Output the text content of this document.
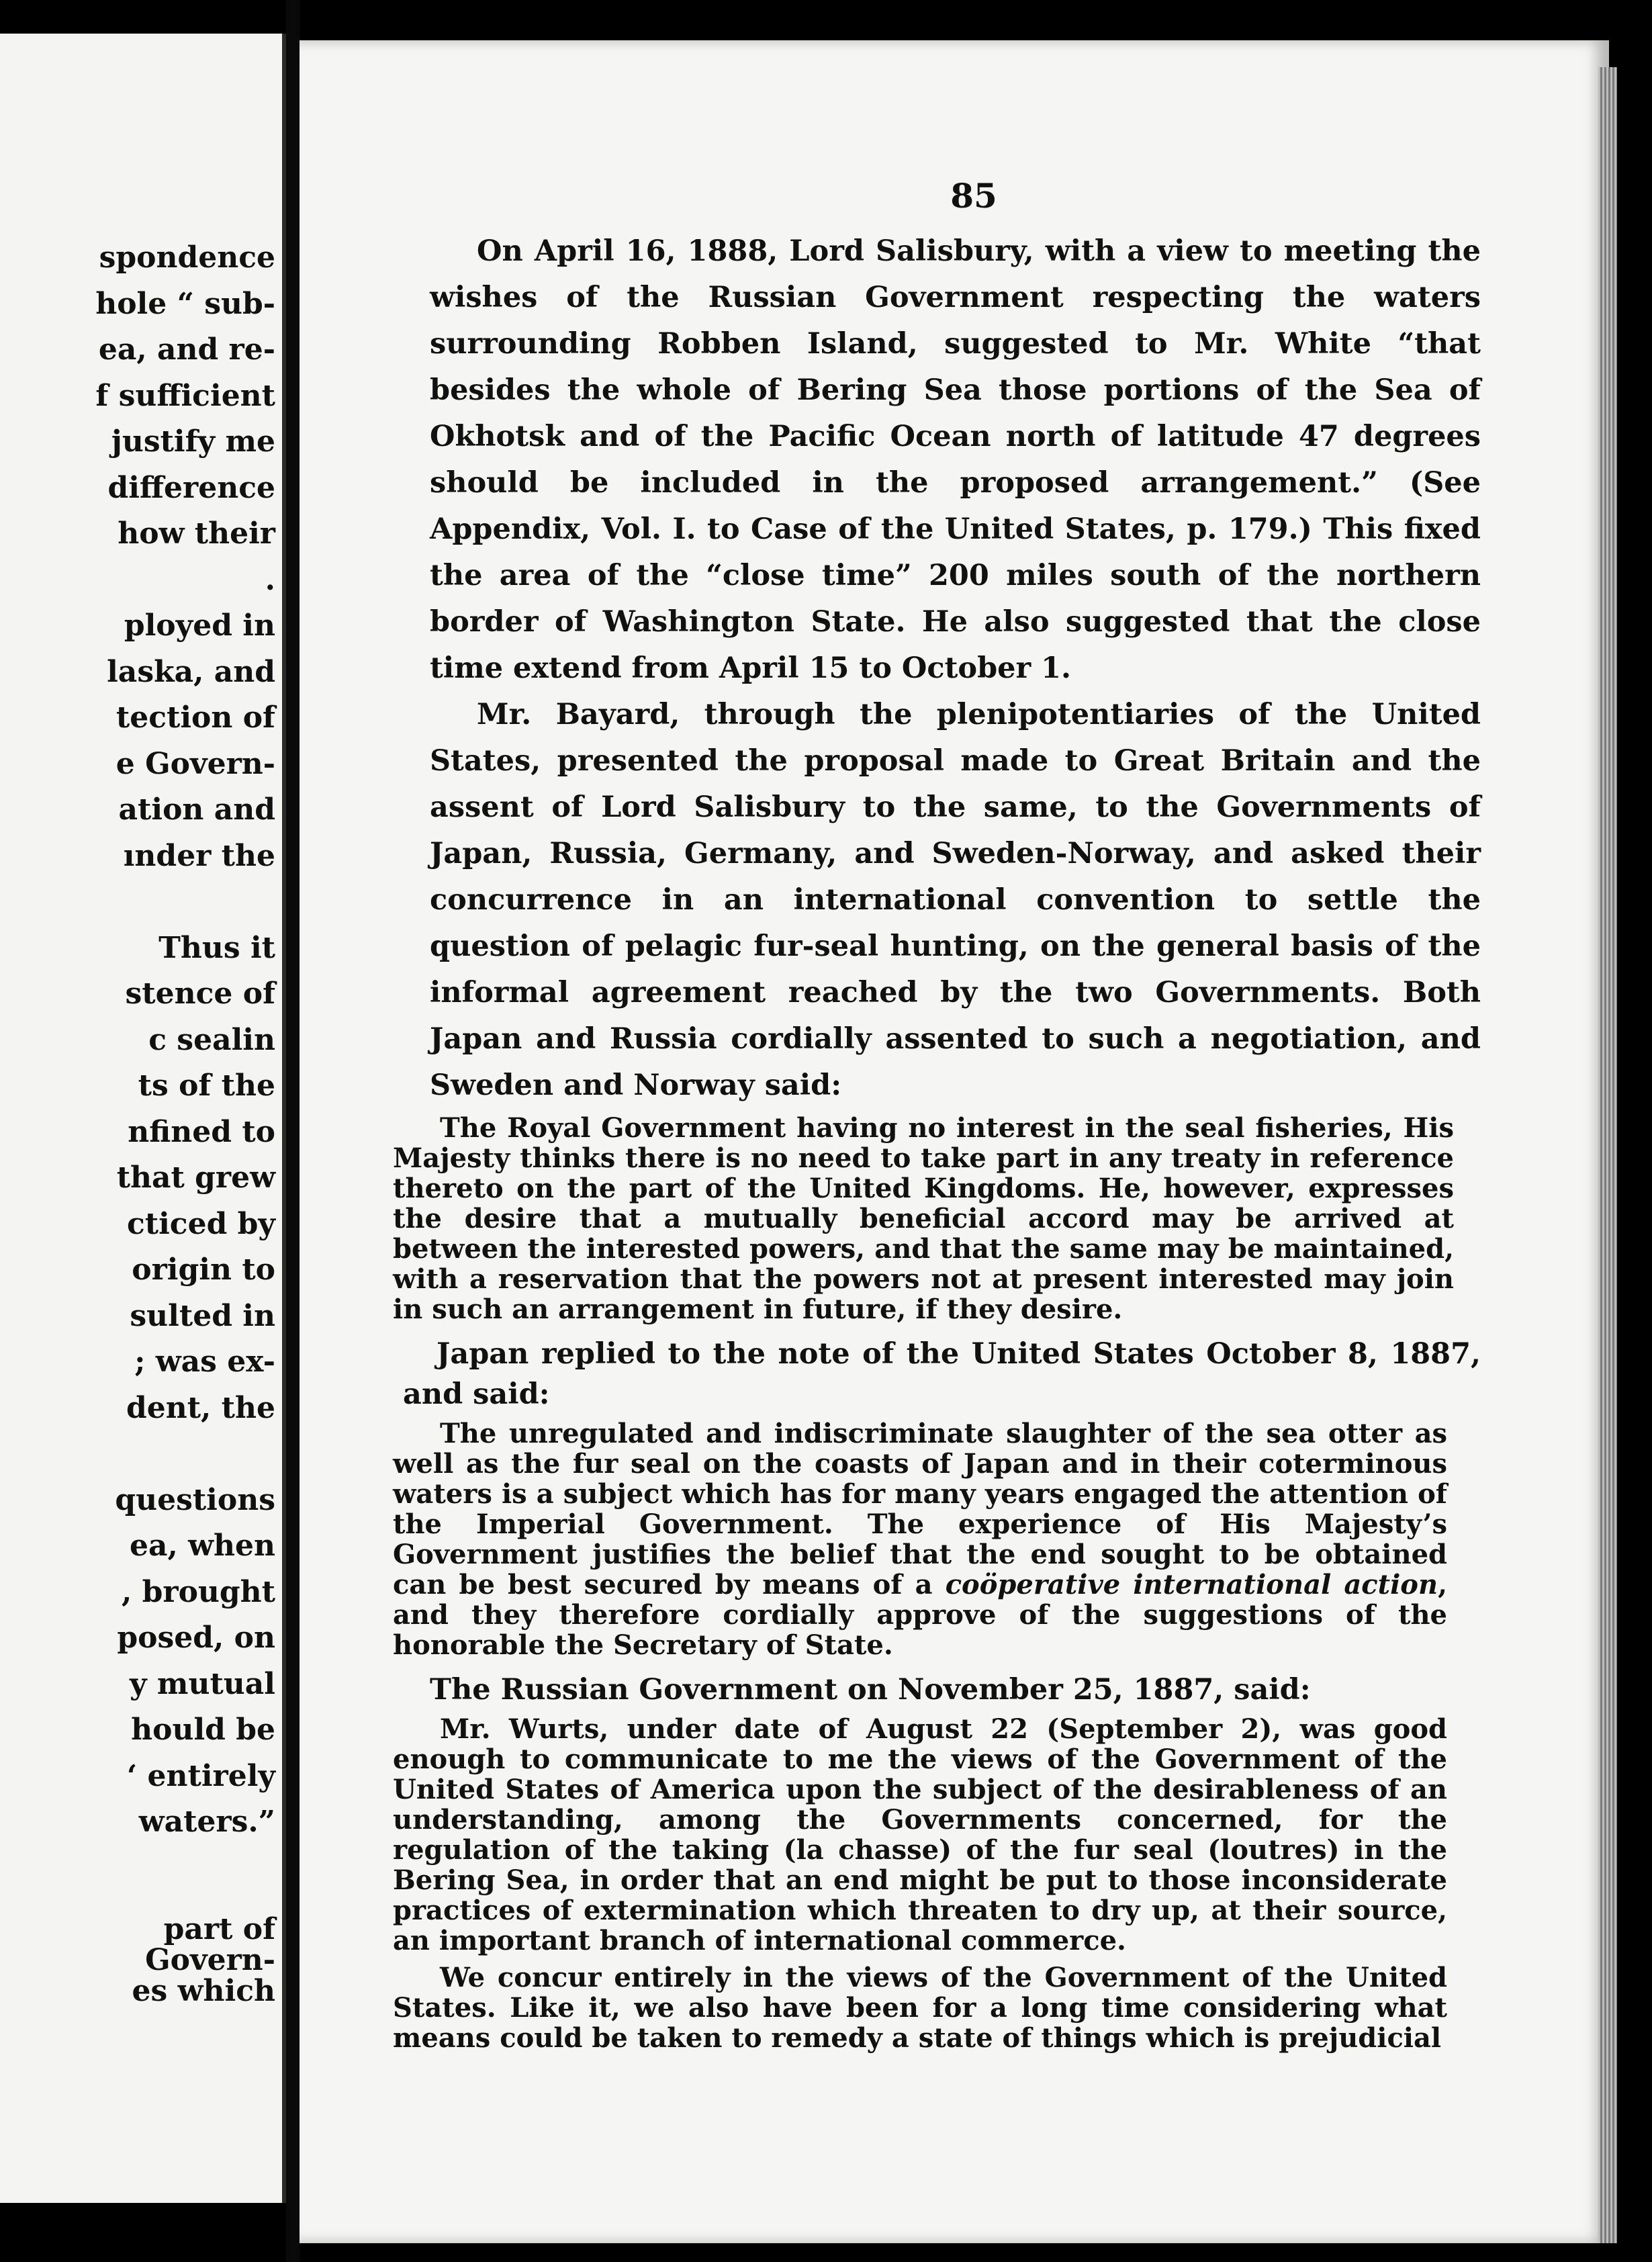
spondence
hole “ sub-
ea, and re-
f sufficient
justify me
difference
how their
.
ployed in
laska, and
tection of
e Govern-
ation and
ınder the
Thus it
stence of
c sealin
ts of the
nfined to
that grew
cticed by
origin to
sulted in
; was ex-
dent, the
questions
ea, when
, brought
posed, on
y mutual
hould be
‘ entirely
waters.”
part of
Govern-
es which
85

On April 16, 1888, Lord Salisbury, with a view to meeting the wishes of the Russian Government respecting the waters surrounding Robben Island, suggested to Mr. White “that besides the whole of Bering Sea those portions of the Sea of Okhotsk and of the Pacific Ocean north of latitude 47 degrees should be included in the proposed arrangement.” (See Appendix, Vol. I. to Case of the United States, p. 179.) This fixed the area of the “close time” 200 miles south of the northern border of Washington State. He also suggested that the close time extend from April 15 to October 1.

Mr. Bayard, through the plenipotentiaries of the United States, presented the proposal made to Great Britain and the assent of Lord Salisbury to the same, to the Governments of Japan, Russia, Germany, and Sweden-Norway, and asked their concurrence in an international convention to settle the question of pelagic fur-seal hunting, on the general basis of the informal agreement reached by the two Governments. Both Japan and Russia cordially assented to such a negotiation, and Sweden and Norway said:

The Royal Government having no interest in the seal fisheries, His Majesty thinks there is no need to take part in any treaty in reference thereto on the part of the United Kingdoms. He, however, expresses the desire that a mutually beneficial accord may be arrived at between the interested powers, and that the same may be maintained, with a reservation that the powers not at present interested may join in such an arrangement in future, if they desire.

Japan replied to the note of the United States October 8, 1887, and said:

The unregulated and indiscriminate slaughter of the sea otter as well as the fur seal on the coasts of Japan and in their coterminous waters is a subject which has for many years engaged the attention of the Imperial Government. The experience of His Majesty’s Government justifies the belief that the end sought to be obtained can be best secured by means of a coöperative international action, and they therefore cordially approve of the suggestions of the honorable the Secretary of State.

The Russian Government on November 25, 1887, said:

Mr. Wurts, under date of August 22 (September 2), was good enough to communicate to me the views of the Government of the United States of America upon the subject of the desirableness of an understanding, among the Governments concerned, for the regulation of the taking (la chasse) of the fur seal (loutres) in the Bering Sea, in order that an end might be put to those inconsiderate practices of extermination which threaten to dry up, at their source, an important branch of international commerce.

We concur entirely in the views of the Government of the United States. Like it, we also have been for a long time considering what means could be taken to remedy a state of things which is prejudicial
